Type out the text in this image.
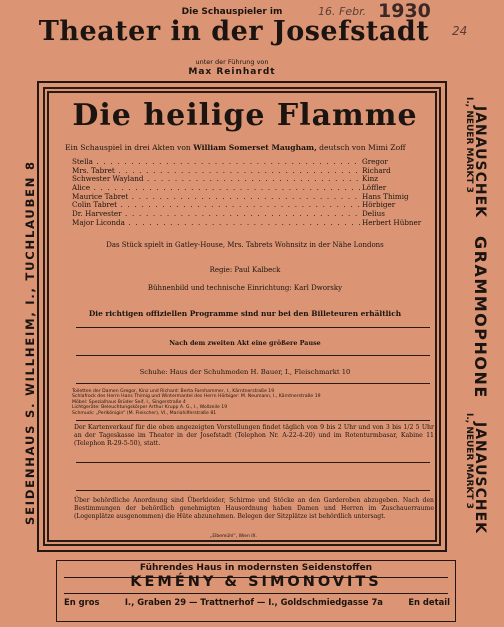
16. Febr. 1930
24
Die Schauspieler im
Theater in der Josefstadt
unter der Führung von
Max Reinhardt
SEIDENHAUS S. WILLHEIM, I., TUCHLAUBEN 8	JANAUSCHEK
I., NEUER MARKT 3
GRAMMOPHONE
JANAUSCHEK
I., NEUER MARKT 3
Die heilige Flamme
Ein Schauspiel in drei Akten von William Somerset Maugham, deutsch von Mimi Zoff
Stella . . .	Gregor
Mrs. Tabret . . .	Richard
Schwester Wayland . . .	Kinz
Alice . . .	Löffler
Maurice Tabret . . .	Hans Thimig
Colin Tabret . . .	Hörbiger
Dr. Harvester . . .	Delius
Major Liconda . . .	Herbert Hübner
Das Stück spielt in Gatley-House, Mrs. Tabrets Wohnsitz in der Nähe Londons
Regie: Paul Kalbeck
Bühnenbild und technische Einrichtung: Karl Dworsky
Die richtigen offiziellen Programme sind nur bei den Billeteuren erhältlich
Nach dem zweiten Akt eine größere Pause
Schuhe: Haus der Schuhmoden H. Bauer, I., Fleischmarkt 10
Toiletten der Damen Gregor, Kinz und Richard: Berta Farnhammer, I., Kärntnerstraße 19
Schlafrock des Herrn Hans Thimig und Wintermantel des Herrn Hörbiger: M. Neumann, I., Kärntnerstraße 19
Möbel: Spezialhaus Brüder Seif, I., Singerstraße 4
Lichtgeräte: Beleuchtungskörper Arthur Krupp A. G., I., Wollzeile 19
Schmuck: „Perlkönigin“ (M. Fleischer), VI., Mariahilferstraße 81
Der Kartenverkauf für die oben angezeigten Vorstellungen findet täglich von 9 bis 2 Uhr und von 3 bis 1/2 5 Uhr an der Tageskasse im Theater in der Josefstadt (Telephon Nr. A-22-4-20) und im Rotenturmbasar, Kabine 11 (Telephon R-29-5-50), statt.
Über behördliche Anordnung sind Überkleider, Schirme und Stöcke an den Garderoben abzugeben. Nach den Bestimmungen der behördlich genehmigten Hausordnung haben Damen und Herren im Zuschauerraume (Logenplätze ausgenommen) die Hüte abzunehmen. Belegen der Sitzplätze ist behördlich untersagt.
„Elbemühl“, Wien IX.
Führendes Haus in modernsten Seidenstoffen
KEMÉNY & SIMONOVITS
En gros	I., Graben 29 — Trattnerhof — I., Goldschmiedgasse 7a	En detail
